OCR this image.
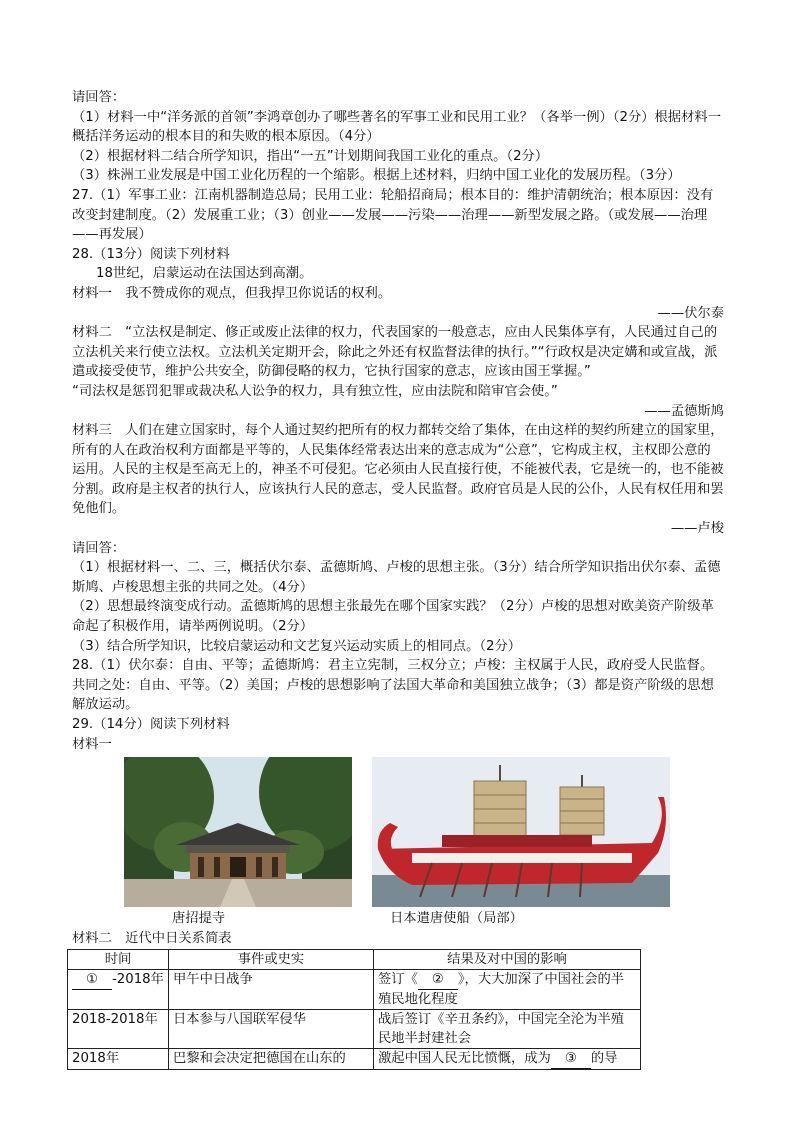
请回答：
（1）材料一中“洋务派的首领”李鸿章创办了哪些著名的军事工业和民用工业？（各举一例）（2分）根据材料一概括洋务运动的根本目的和失败的根本原因。（4分）
（2）根据材料二结合所学知识，指出“一五”计划期间我国工业化的重点。（2分）
（3）株洲工业发展是中国工业化历程的一个缩影。根据上述材料，归纳中国工业化的发展历程。（3分）
27.（1）军事工业：江南机器制造总局；民用工业：轮船招商局；根本目的：维护清朝统治；根本原因：没有改变封建制度。（2）发展重工业；（3）创业——发展——污染——治理——新型发展之路。（或发展——治理——再发展）
28.（13分）阅读下列材料
18世纪，启蒙运动在法国达到高潮。
材料一　我不赞成你的观点，但我捍卫你说话的权利。
——伏尔泰
材料二　“立法权是制定、修正或废止法律的权力，代表国家的一般意志，应由人民集体享有，人民通过自己的立法机关来行使立法权。立法机关定期开会，除此之外还有权监督法律的执行。”“行政权是决定媾和或宣战，派遣或接受使节，维护公共安全，防御侵略的权力，它执行国家的意志，应该由国王掌握。”
“司法权是惩罚犯罪或裁决私人讼争的权力，具有独立性，应由法院和陪审官会使。”
——孟德斯鸠
材料三　人们在建立国家时，每个人通过契约把所有的权力都转交给了集体，在由这样的契约所建立的国家里，所有的人在政治权利方面都是平等的，人民集体经常表达出来的意志成为“公意”，它构成主权，主权即公意的运用。人民的主权是至高无上的，神圣不可侵犯。它必须由人民直接行使，不能被代表，它是统一的，也不能被分割。政府是主权者的执行人，应该执行人民的意志，受人民监督。政府官员是人民的公仆，人民有权任用和罢免他们。
——卢梭
请回答：
（1）根据材料一、二、三，概括伏尔泰、孟德斯鸠、卢梭的思想主张。（3分）结合所学知识指出伏尔泰、孟德斯鸠、卢梭思想主张的共同之处。（4分）
（2）思想最终演变成行动。孟德斯鸠的思想主张最先在哪个国家实践？（2分）卢梭的思想对欧美资产阶级革命起了积极作用，请举两例说明。（2分）
（3）结合所学知识，比较启蒙运动和文艺复兴运动实质上的相同点。（2分）
28.（1）伏尔泰：自由、平等；孟德斯鸠：君主立宪制，三权分立；卢梭：主权属于人民，政府受人民监督。共同之处：自由、平等。（2）美国；卢梭的思想影响了法国大革命和美国独立战争；（3）都是资产阶级的思想解放运动。
29.（14分）阅读下列材料
材料一
唐招提寺	日本遣唐使船（局部）
材料二　近代中日关系简表
时间	事件或史实	结果及对中国的影响
① -2018年	甲午中日战争	签订《 ② 》，大大加深了中国社会的半殖民地化程度
2018-2018年	日本参与八国联军侵华	战后签订《辛丑条约》，中国完全沦为半殖民地半封建社会
2018年	巴黎和会决定把德国在山东的	激起中国人民无比愤慨，成为 ③ 的导
